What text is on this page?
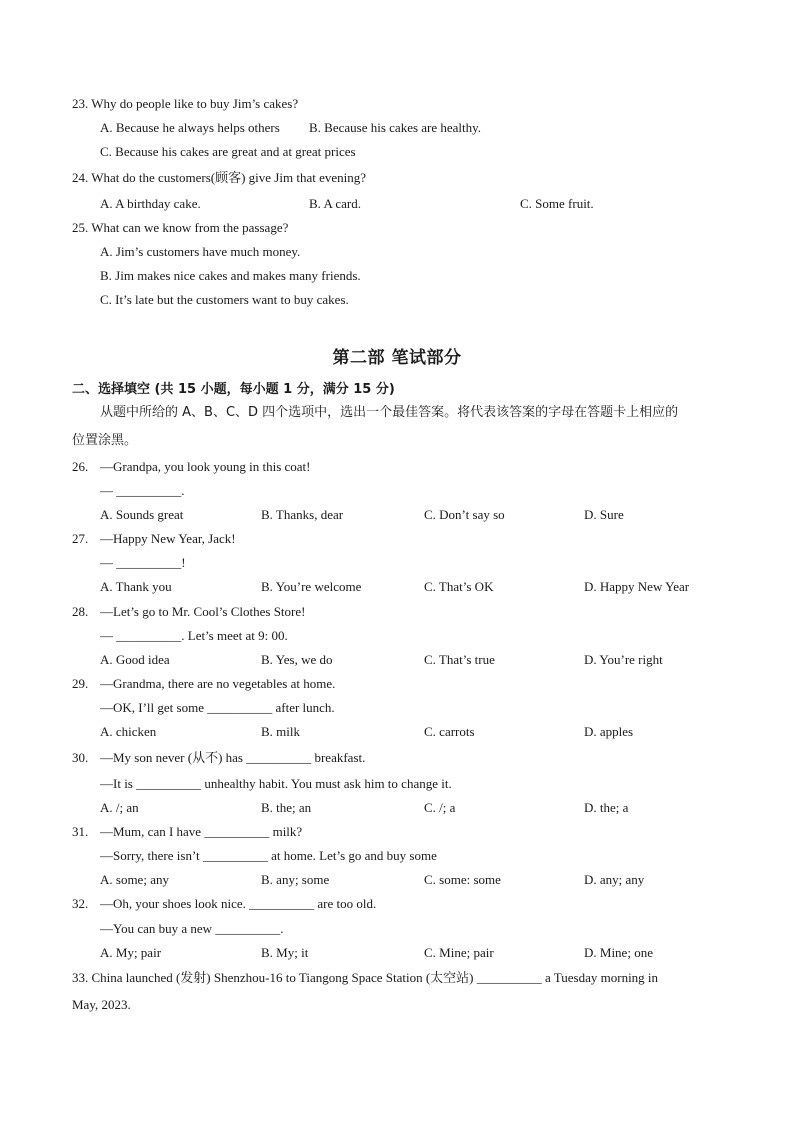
23. Why do people like to buy Jim’s cakes?
A. Because he always helps others B. Because his cakes are healthy.
C. Because his cakes are great and at great prices
24. What do the customers(顾客) give Jim that evening?
A. A birthday cake.	B. A card.	C. Some fruit.
25. What can we know from the passage?
A. Jim’s customers have much money.
B. Jim makes nice cakes and makes many friends.
C. It’s late but the customers want to buy cakes.
第二部 笔试部分
二、选择填空 (共 15 小题，每小题 1 分，满分 15 分)
从题中所给的 A、B、C、D 四个选项中，选出一个最佳答案。将代表该答案的字母在答题卡上相应的
位置涂黑。
26. —Grandpa, you look young in this coat!
— __________.
A. Sounds great	B. Thanks, dear	C. Don’t say so	D. Sure
27. —Happy New Year, Jack!
— __________!
A. Thank you	B. You’re welcome	C. That’s OK	D. Happy New Year
28. —Let’s go to Mr. Cool’s Clothes Store!
— __________. Let’s meet at 9: 00.
A. Good idea	B. Yes, we do	C. That’s true	D. You’re right
29. —Grandma, there are no vegetables at home.
—OK, I’ll get some __________ after lunch.
A. chicken	B. milk	C. carrots	D. apples
30. —My son never (从不) has __________ breakfast.
—It is __________ unhealthy habit. You must ask him to change it.
A. /; an	B. the; an	C. /; a	D. the; a
31. —Mum, can I have __________ milk?
—Sorry, there isn’t __________ at home. Let’s go and buy some
A. some; any	B. any; some	C. some: some	D. any; any
32. —Oh, your shoes look nice. __________ are too old.
—You can buy a new __________.
A. My; pair	B. My; it	C. Mine; pair	D. Mine; one
33. China launched (发射) Shenzhou-16 to Tiangong Space Station (太空站) __________ a Tuesday morning in
May, 2023.
